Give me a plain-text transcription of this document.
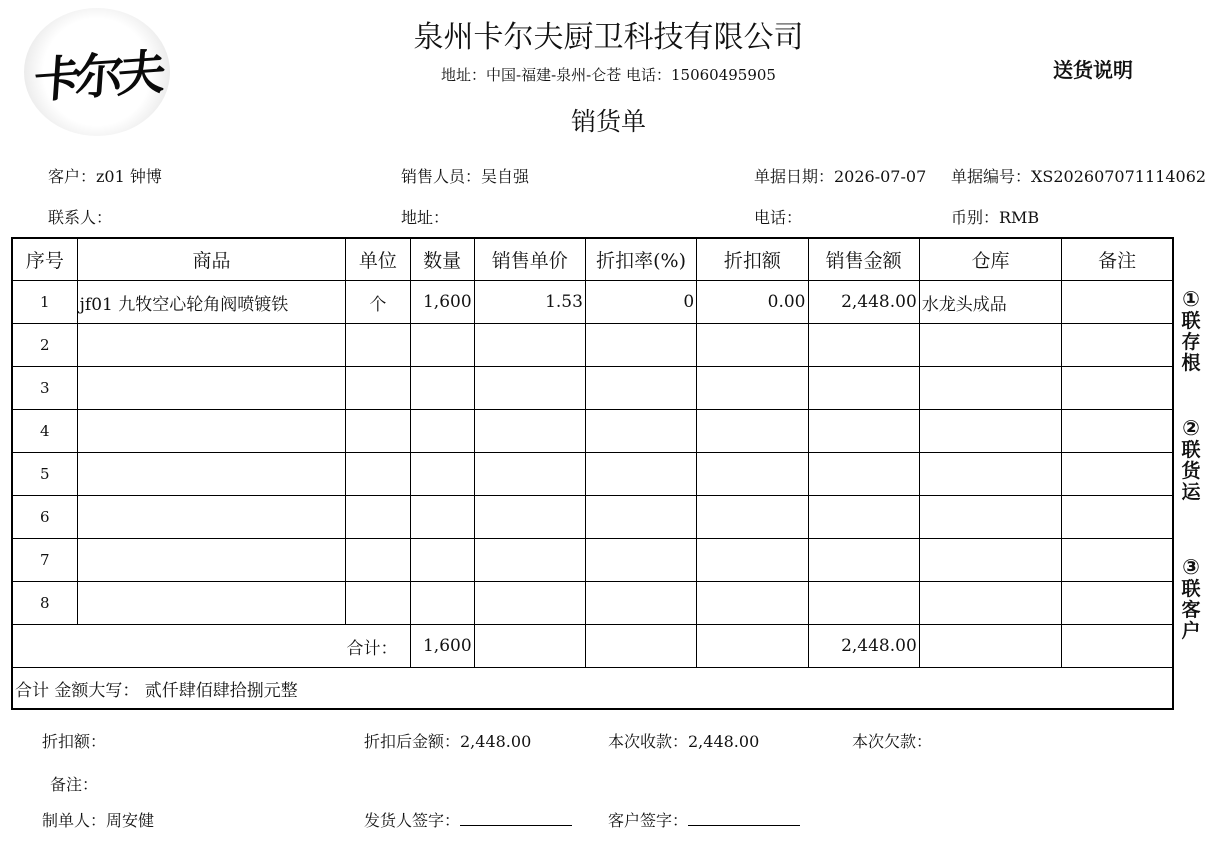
卡尔夫
泉州卡尔夫厨卫科技有限公司
地址：中国-福建-泉州-仑苍 电话：15060495905
销货单
送货说明
客户：z01 钟博	销售人员：吴自强	单据日期：2026-07-07 单据编号：XS202607071114062
联系人：	地址：	电话：	币别：RMB
序号	商品	单位	数量	销售单价	折扣率(%)	折扣额	销售金额	仓库	备注
1	jf01 九牧空心轮角阀喷镀铁	个	1,600	1.53	0	0.00	2,448.00	水龙头成品	
2									
3									
4									
5									
6									
7									
8									
合计：			1,600				2,448.00		
合计 金额大写： 贰仟肆佰肆拾捌元整									
①
联存根
②
联货运
③
联客户
折扣额：	折扣后金额：2,448.00	本次收款：2,448.00	本次欠款：
备注：
制单人：周安健	发货人签字：	客户签字：
